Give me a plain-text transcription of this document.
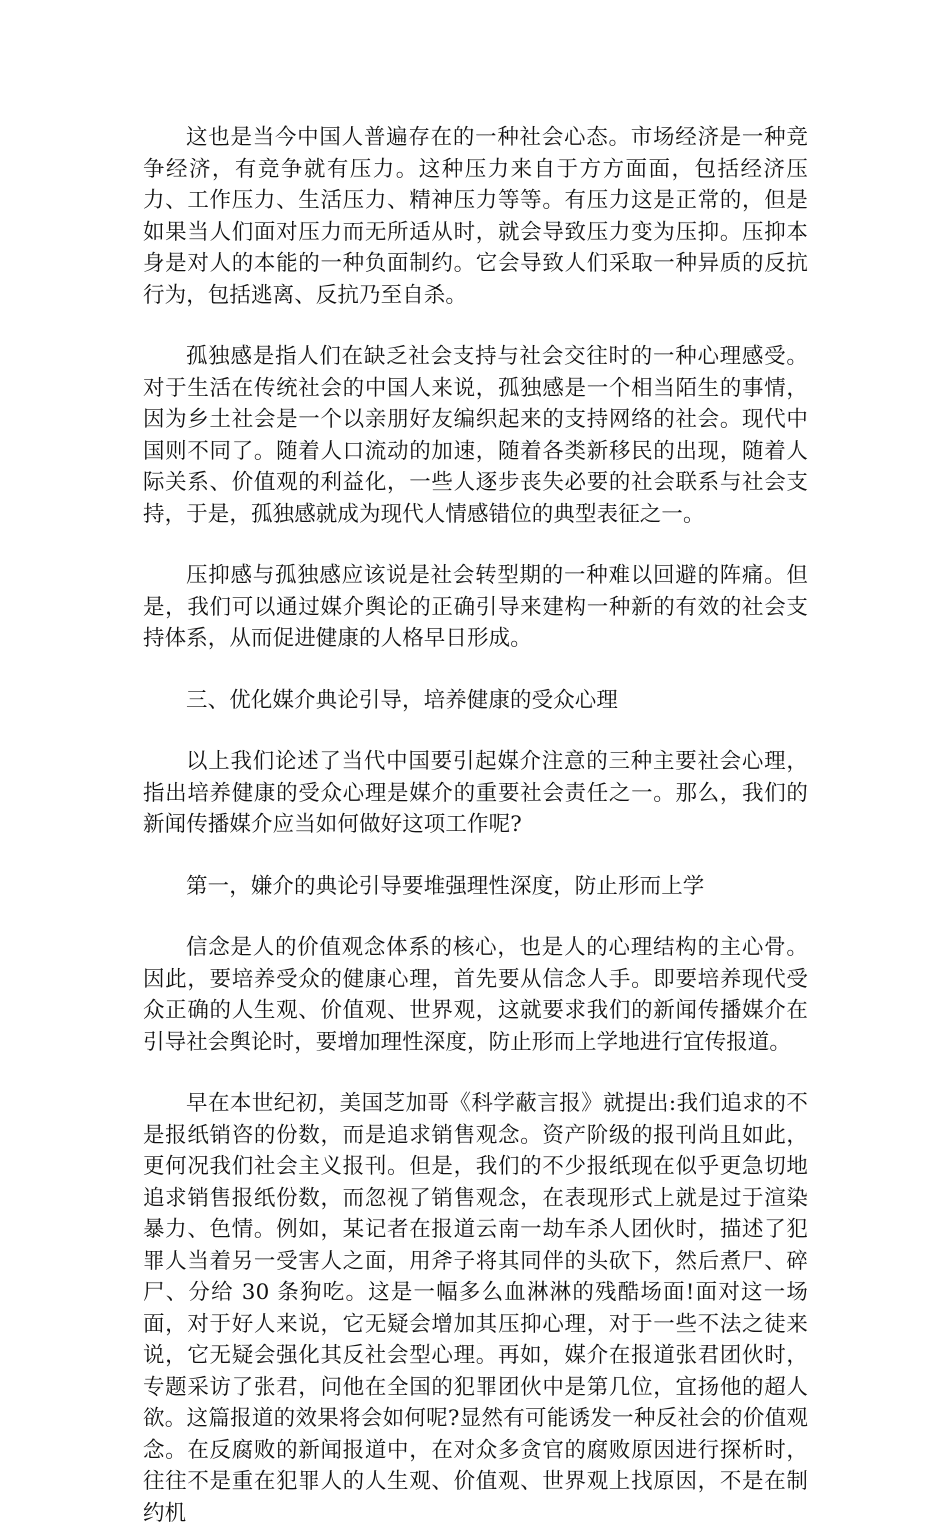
这也是当今中国人普遍存在的一种社会心态。市场经济是一种竞争经济，有竞争就有压力。这种压力来自于方方面面，包括经济压力、工作压力、生活压力、精神压力等等。有压力这是正常的，但是如果当人们面对压力而无所适从时，就会导致压力变为压抑。压抑本身是对人的本能的一种负面制约。它会导致人们采取一种异质的反抗行为，包括逃离、反抗乃至自杀。

孤独感是指人们在缺乏社会支持与社会交往时的一种心理感受。对于生活在传统社会的中国人来说，孤独感是一个相当陌生的事情，因为乡土社会是一个以亲朋好友编织起来的支持网络的社会。现代中国则不同了。随着人口流动的加速，随着各类新移民的出现，随着人际关系、价值观的利益化，一些人逐步丧失必要的社会联系与社会支持，于是，孤独感就成为现代人情感错位的典型表征之一。

压抑感与孤独感应该说是社会转型期的一种难以回避的阵痛。但是，我们可以通过媒介舆论的正确引导来建构一种新的有效的社会支持体系，从而促进健康的人格早日形成。

三、优化媒介典论引导，培养健康的受众心理

以上我们论述了当代中国要引起媒介注意的三种主要社会心理，指出培养健康的受众心理是媒介的重要社会责任之一。那么，我们的新闻传播媒介应当如何做好这项工作呢?

第一，嫌介的典论引导要堆强理性深度，防止形而上学

信念是人的价值观念体系的核心，也是人的心理结构的主心骨。因此，要培养受众的健康心理，首先要从信念人手。即要培养现代受众正确的人生观、价值观、世界观，这就要求我们的新闻传播媒介在引导社会舆论时，要增加理性深度，防止形而上学地进行宜传报道。

早在本世纪初，美国芝加哥《科学蔽言报》就提出:我们追求的不是报纸销咨的份数，而是追求销售观念。资产阶级的报刊尚且如此，更何况我们社会主义报刊。但是，我们的不少报纸现在似乎更急切地追求销售报纸份数，而忽视了销售观念，在表现形式上就是过于渲染暴力、色情。例如，某记者在报道云南一劫车杀人团伙时，描述了犯罪人当着另一受害人之面，用斧子将其同伴的头砍下，然后煮尸、碎尸、分给 30 条狗吃。这是一幅多么血淋淋的残酷场面!面对这一场面，对于好人来说，它无疑会增加其压抑心理，对于一些不法之徒来说，它无疑会强化其反社会型心理。再如，媒介在报道张君团伙时，专题采访了张君，问他在全国的犯罪团伙中是第几位，宜扬他的超人欲。这篇报道的效果将会如何呢?显然有可能诱发一种反社会的价值观念。在反腐败的新闻报道中，在对众多贪官的腐败原因进行探析时，往往不是重在犯罪人的人生观、价值观、世界观上找原因，不是在制约机
